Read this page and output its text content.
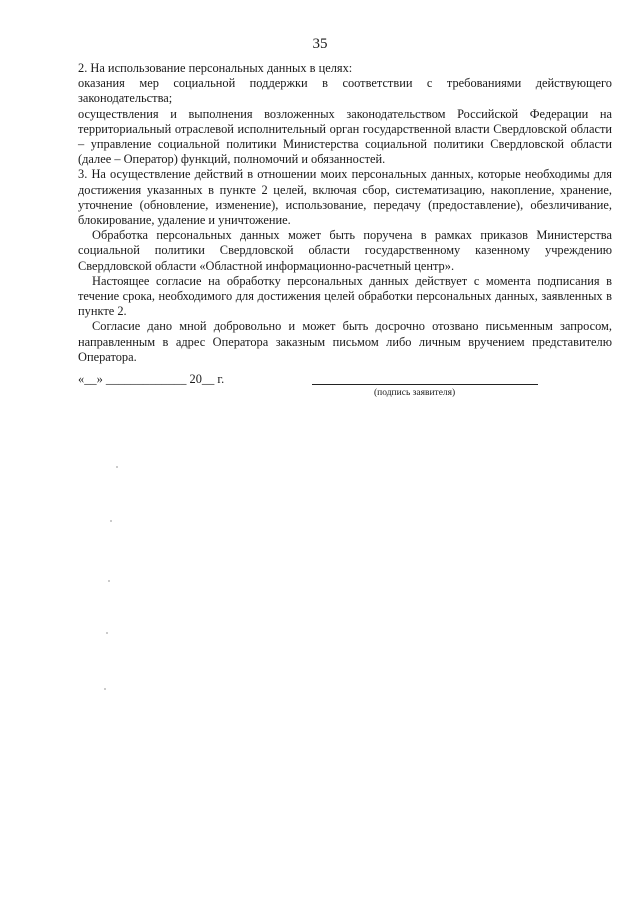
35

2. На использование персональных данных в целях:

оказания мер социальной поддержки в соответствии с требованиями действующего законодательства;

осуществления и выполнения возложенных законодательством Российской Федерации на территориальный отраслевой исполнительный орган государственной власти Свердловской области – управление социальной политики Министерства социальной политики Свердловской области (далее – Оператор) функций, полномочий и обязанностей.

3. На осуществление действий в отношении моих персональных данных, которые необходимы для достижения указанных в пункте 2 целей, включая сбор, систематизацию, накопление, хранение, уточнение (обновление, изменение), использование, передачу (предоставление), обезличивание, блокирование, удаление и уничтожение.

Обработка персональных данных может быть поручена в рамках приказов Министерства социальной политики Свердловской области государственному казенному учреждению Свердловской области «Областной информационно-расчетный центр».

Настоящее согласие на обработку персональных данных действует с момента подписания в течение срока, необходимого для достижения целей обработки персональных данных, заявленных в пункте 2.

Согласие дано мной добровольно и может быть досрочно отозвано письменным запросом, направленным в адрес Оператора заказным письмом либо личным вручением представителю Оператора.

«__» _____________ 20__ г.
(подпись заявителя)
